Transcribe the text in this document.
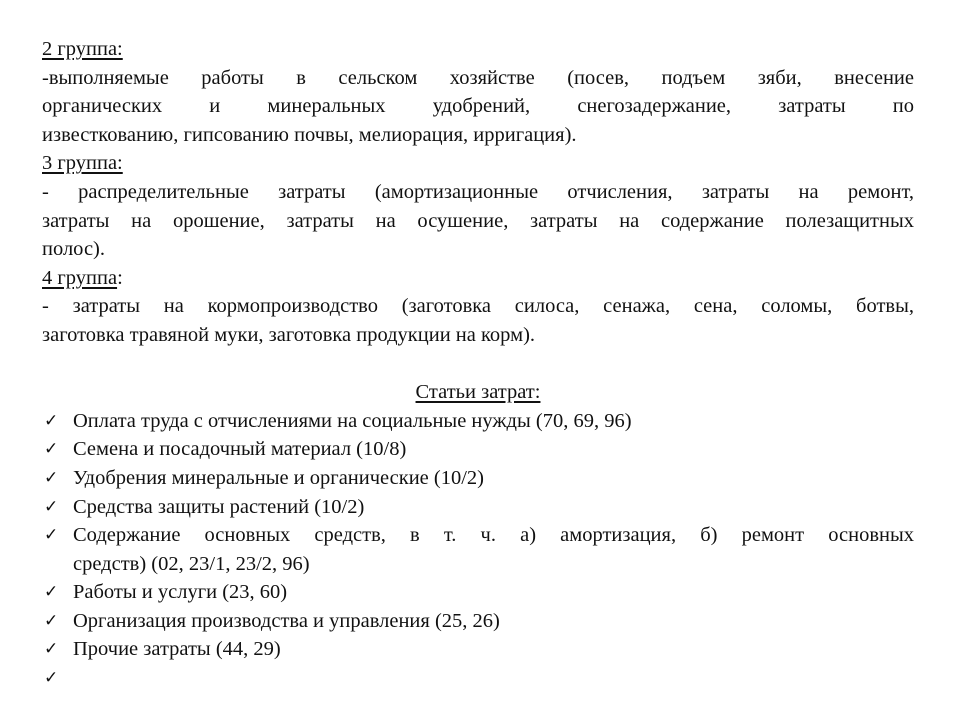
2 группа:
-выполняемые работы в сельском хозяйстве (посев, подъем зяби, внесение
органических и минеральных удобрений, снегозадержание, затраты по
известкованию, гипсованию почвы, мелиорация, ирригация).
3 группа:
- распределительные затраты (амортизационные отчисления, затраты на ремонт,
затраты на орошение, затраты на осушение, затраты на содержание полезащитных
полос).
4 группа:
- затраты на кормопроизводство (заготовка силоса, сенажа, сена, соломы, ботвы,
заготовка травяной муки, заготовка продукции на корм).
Статьи затрат:
✓ Оплата труда с отчислениями на социальные нужды (70, 69, 96)
✓ Семена и посадочный материал (10/8)
✓ Удобрения минеральные и органические (10/2)
✓ Средства защиты растений (10/2)
✓ Содержание основных средств, в т. ч. а) амортизация, б) ремонт основных
средств) (02, 23/1, 23/2, 96)
✓ Работы и услуги (23, 60)
✓ Организация производства и управления (25, 26)
✓ Прочие затраты (44, 29)
✓
